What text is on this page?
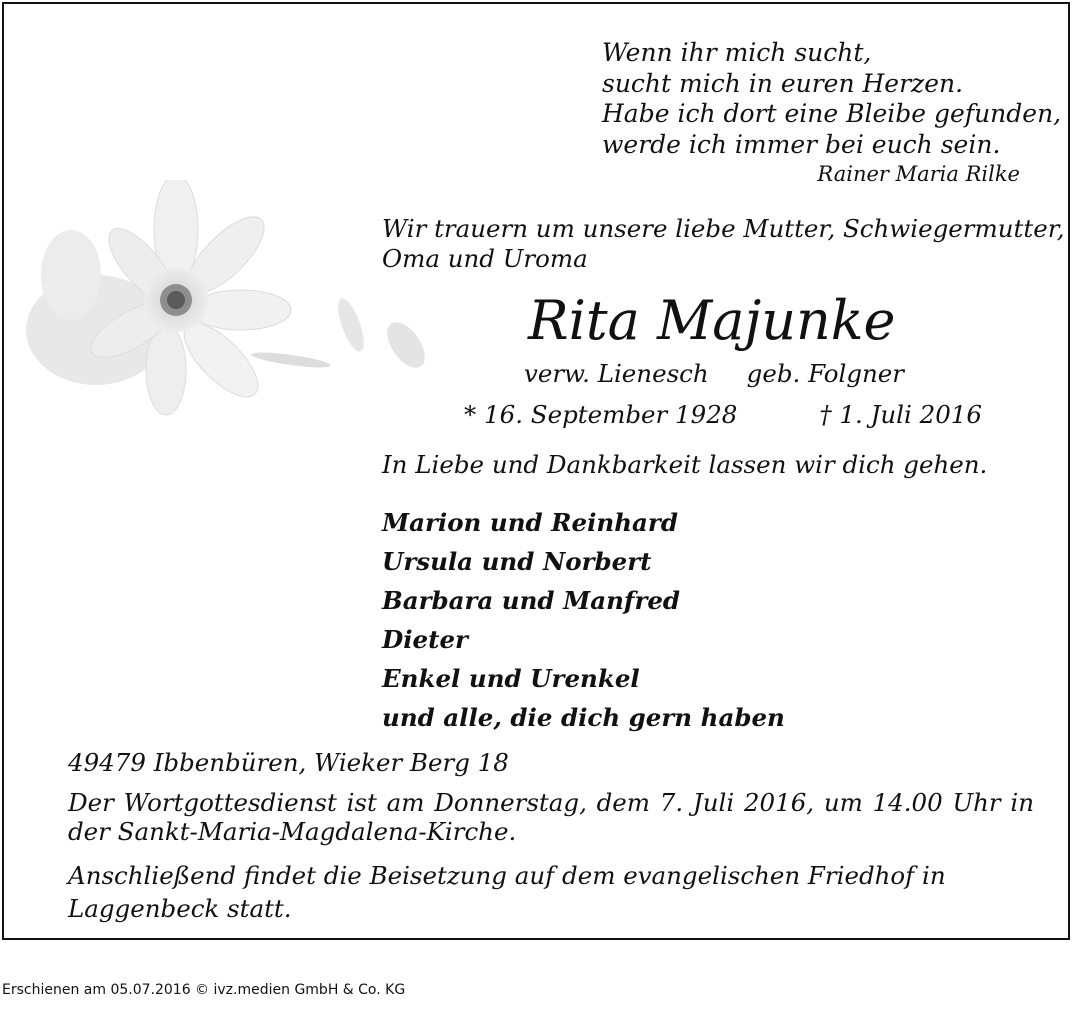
Wenn ihr mich sucht,
sucht mich in euren Herzen.
Habe ich dort eine Bleibe gefunden,
werde ich immer bei euch sein.
Rainer Maria Rilke
Wir trauern um unsere liebe Mutter, Schwiegermutter,
Oma und Uroma
Rita Majunke
verw. Lienesch geb. Folgner
* 16. September 1928	† 1. Juli 2016
In Liebe und Dankbarkeit lassen wir dich gehen.
Marion und Reinhard
Ursula und Norbert
Barbara und Manfred
Dieter
Enkel und Urenkel
und alle, die dich gern haben
49479 Ibbenbüren, Wieker Berg 18
Der Wortgottesdienst ist am Donnerstag, dem 7. Juli 2016, um 14.00 Uhr in der Sankt-Maria-Magdalena-Kirche.
Anschließend findet die Beisetzung auf dem evangelischen Friedhof in Laggenbeck statt.
Erschienen am 05.07.2016 © ivz.medien GmbH & Co. KG
